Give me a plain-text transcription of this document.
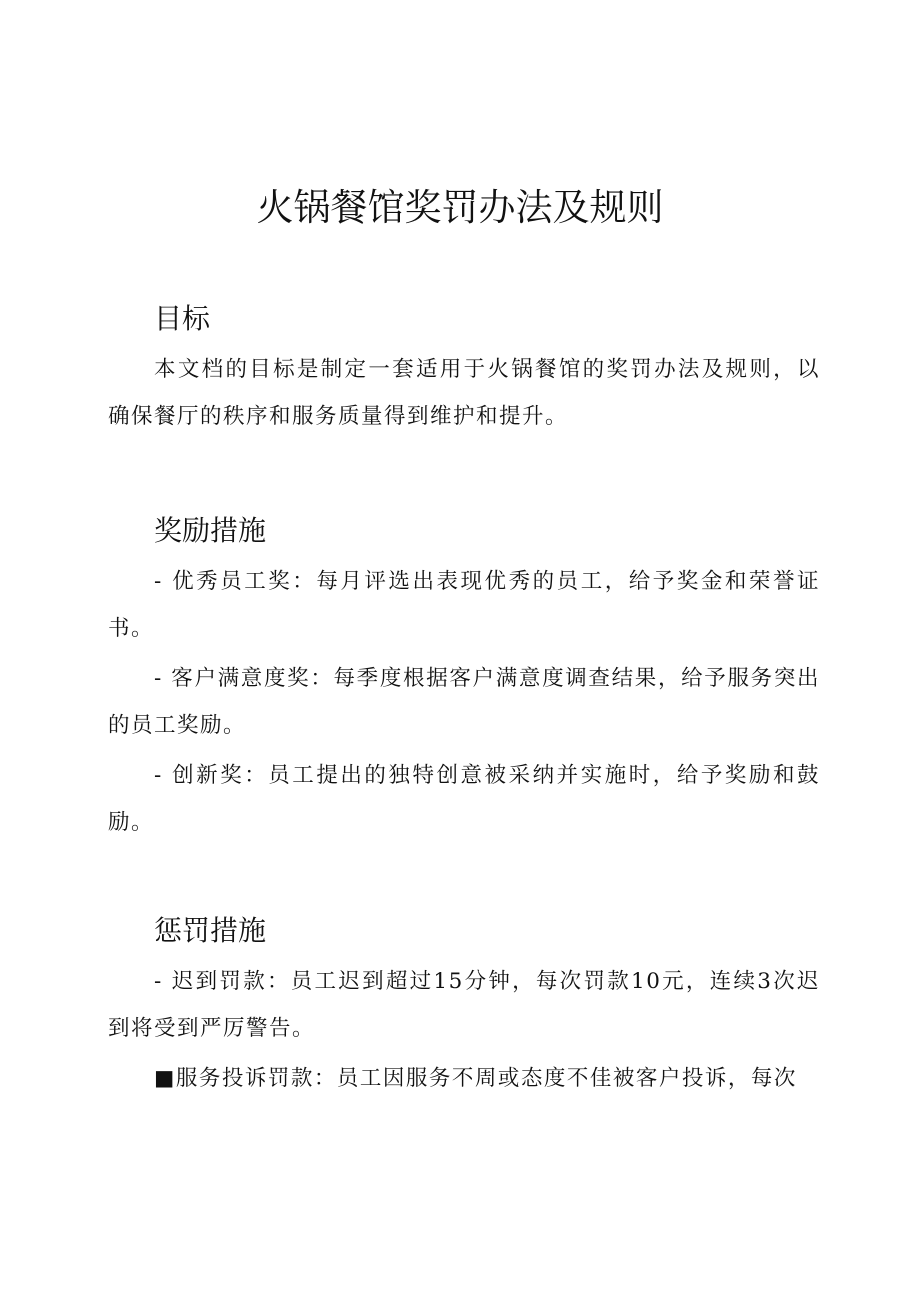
火锅餐馆奖罚办法及规则
目标

本文档的目标是制定一套适用于火锅餐馆的奖罚办法及规则，以确保餐厅的秩序和服务质量得到维护和提升。

奖励措施

- 优秀员工奖：每月评选出表现优秀的员工，给予奖金和荣誉证书。

- 客户满意度奖：每季度根据客户满意度调查结果，给予服务突出的员工奖励。

- 创新奖：员工提出的独特创意被采纳并实施时，给予奖励和鼓励。

惩罚措施

- 迟到罚款：员工迟到超过15分钟，每次罚款10元，连续3次迟到将受到严厉警告。

■服务投诉罚款：员工因服务不周或态度不佳被客户投诉，每次
